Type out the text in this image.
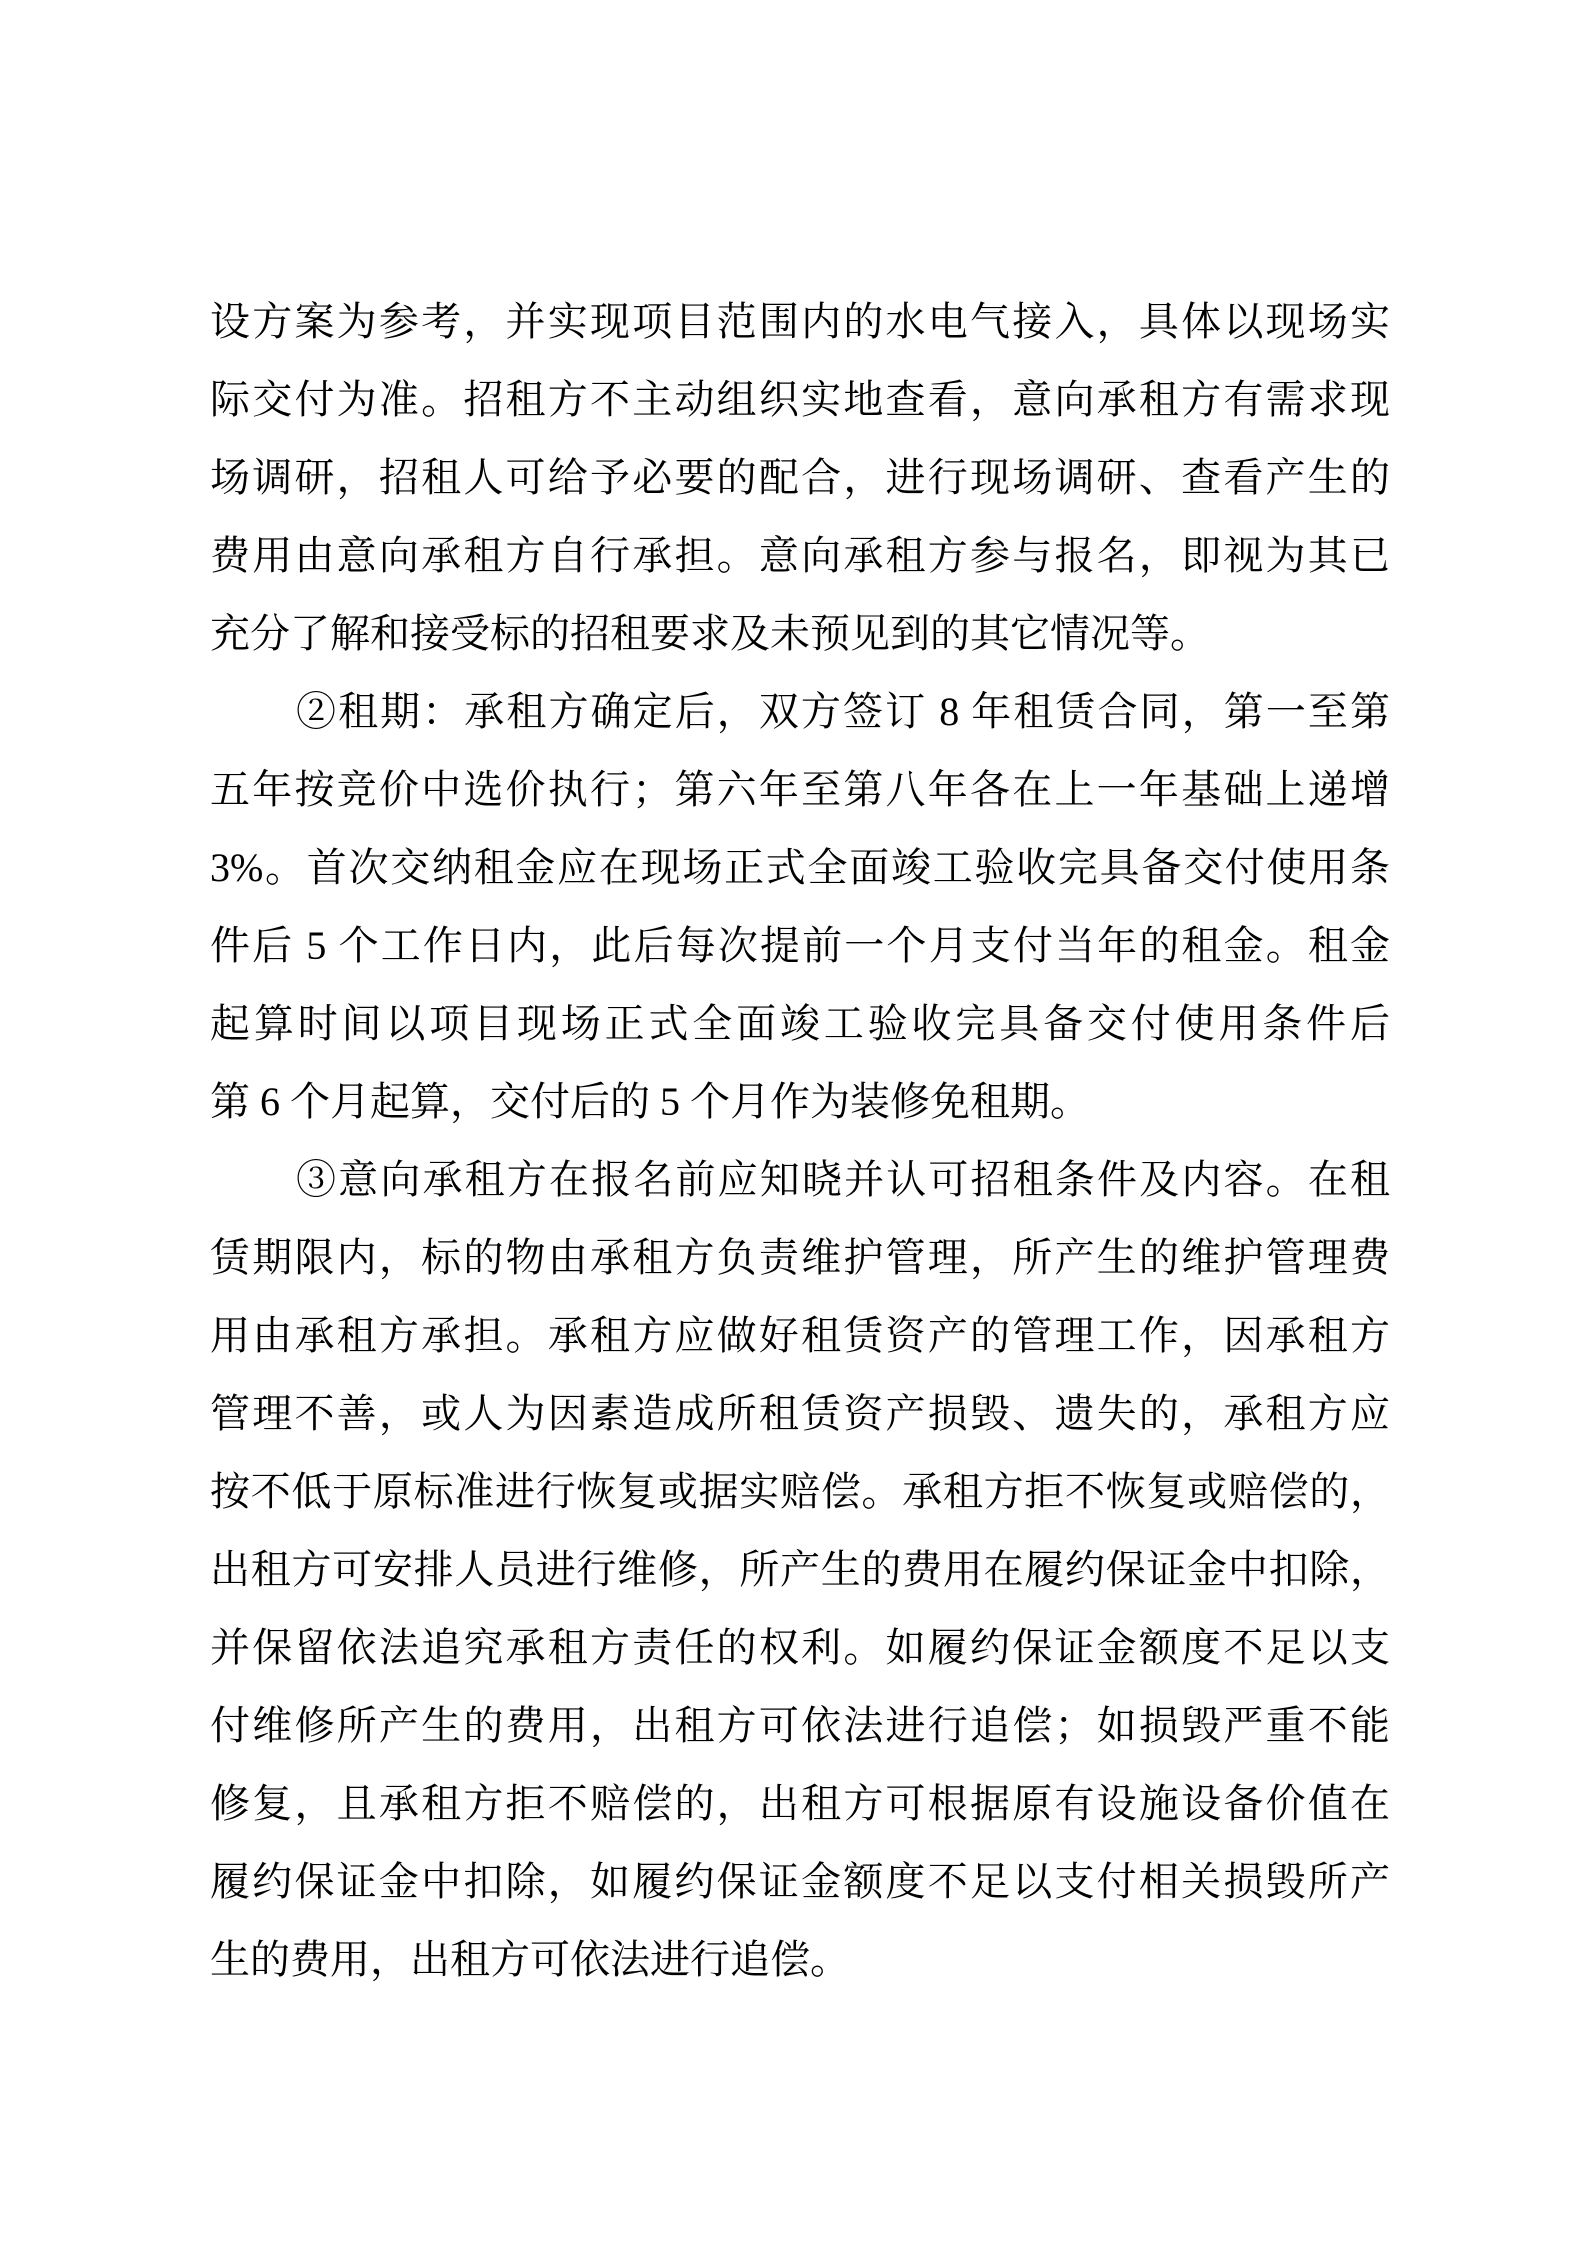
设方案为参考，并实现项目范围内的水电气接入，具体以现场实
际交付为准。招租方不主动组织实地查看，意向承租方有需求现
场调研，招租人可给予必要的配合，进行现场调研、查看产生的
费用由意向承租方自行承担。意向承租方参与报名，即视为其已
充分了解和接受标的招租要求及未预见到的其它情况等。
②租期：承租方确定后，双方签订 8 年租赁合同，第一至第
五年按竞价中选价执行；第六年至第八年各在上一年基础上递增
3%。首次交纳租金应在现场正式全面竣工验收完具备交付使用条
件后 5 个工作日内，此后每次提前一个月支付当年的租金。租金
起算时间以项目现场正式全面竣工验收完具备交付使用条件后
第 6 个月起算，交付后的 5 个月作为装修免租期。
③意向承租方在报名前应知晓并认可招租条件及内容。在租
赁期限内，标的物由承租方负责维护管理，所产生的维护管理费
用由承租方承担。承租方应做好租赁资产的管理工作，因承租方
管理不善，或人为因素造成所租赁资产损毁、遗失的，承租方应
按不低于原标准进行恢复或据实赔偿。承租方拒不恢复或赔偿的，
出租方可安排人员进行维修，所产生的费用在履约保证金中扣除，
并保留依法追究承租方责任的权利。如履约保证金额度不足以支
付维修所产生的费用，出租方可依法进行追偿；如损毁严重不能
修复，且承租方拒不赔偿的，出租方可根据原有设施设备价值在
履约保证金中扣除，如履约保证金额度不足以支付相关损毁所产
生的费用，出租方可依法进行追偿。
